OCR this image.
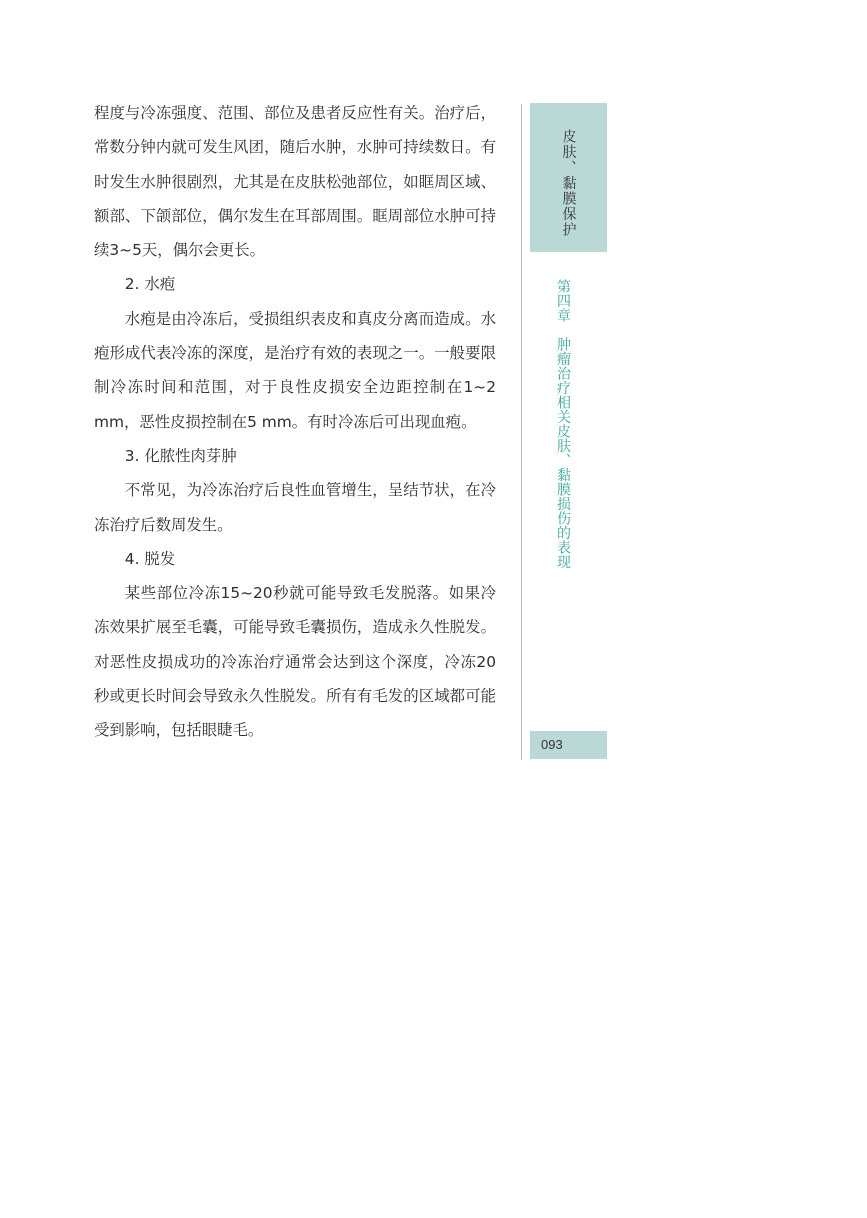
程度与冷冻强度、范围、部位及患者反应性有关。治疗后，常数分钟内就可发生风团，随后水肿，水肿可持续数日。有时发生水肿很剧烈，尤其是在皮肤松弛部位，如眶周区域、额部、下颌部位，偶尔发生在耳部周围。眶周部位水肿可持续3~5天，偶尔会更长。

2. 水疱

水疱是由冷冻后，受损组织表皮和真皮分离而造成。水疱形成代表冷冻的深度，是治疗有效的表现之一。一般要限制冷冻时间和范围，对于良性皮损安全边距控制在1~2 mm，恶性皮损控制在5 mm。有时冷冻后可出现血疱。

3. 化脓性肉芽肿

不常见，为冷冻治疗后良性血管增生，呈结节状，在冷冻治疗后数周发生。

4. 脱发

某些部位冷冻15~20秒就可能导致毛发脱落。如果冷冻效果扩展至毛囊，可能导致毛囊损伤，造成永久性脱发。对恶性皮损成功的冷冻治疗通常会达到这个深度，冷冻20秒或更长时间会导致永久性脱发。所有有毛发的区域都可能受到影响，包括眼睫毛。

皮肤、黏膜保护
第四章　肿瘤治疗相关皮肤、黏膜损伤的表现
093
